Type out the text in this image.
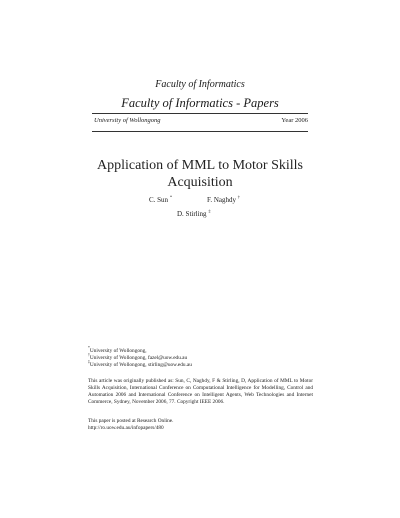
Faculty of Informatics
Faculty of Informatics - Papers
University of Wollongong	Year 2006
Application of MML to Motor Skills Acquisition
C. Sun *	F. Naghdy †
D. Stirling ‡
*University of Wollongong,
†University of Wollongong, fazel@uow.edu.au
‡University of Wollongong, stirling@uow.edu.au
This article was originally published as: Sun, C, Naghdy, F & Stirling, D, Application of MML to Motor Skills Acquisition, International Conference on Computational Intelligence for Modelling, Control and Automation 2006 and International Conference on Intelligent Agents, Web Technologies and Internet Commerce, Sydney, November 2006, 77. Copyright IEEE 2006.
This paper is posted at Research Online.
http://ro.uow.edu.au/infopapers/480
